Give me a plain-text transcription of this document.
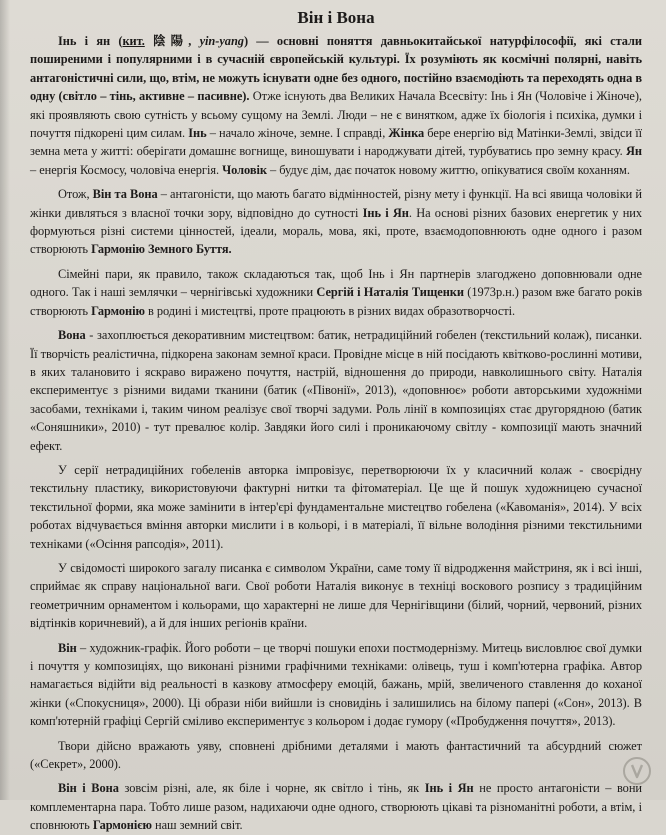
Він і Вона

Інь і ян (кит. 陰陽, yin-yang) — основні поняття давньокитайської натурфілософії, які стали поширеними і популярними і в сучасній європейській культурі. Їх розуміють як космічні полярні, навіть антагоністичні сили, що, втім, не можуть існувати одне без одного, постійно взаємодіють та переходять одна в одну (світло – тінь, активне – пасивне). Отже існують два Великих Начала Всесвіту: Інь і Ян (Чоловіче і Жіноче), які проявляють свою сутність у всьому сущому на Землі. Люди – не є винятком, адже їх біологія і психіка, думки і почуття підкорені цим силам. Інь – начало жіноче, земне. І справді, Жінка бере енергію від Матінки-Землі, звідси її земна мета у житті: оберігати домашнє вогнище, виношувати і народжувати дітей, турбуватись про земну красу. Ян – енергія Космосу, чоловіча енергія. Чоловік – будує дім, дає початок новому життю, опікуватися своїм коханням.

Отож, Він та Вона – антагоністи, що мають багато відмінностей, різну мету і функції. На всі явища чоловіки й жінки дивляться з власної точки зору, відповідно до сутності Інь і Ян. На основі різних базових енергетик у них формуються різні системи цінностей, ідеали, мораль, мова, які, проте, взаємодоповнюють одне одного і разом створюють Гармонію Земного Буття.

Сімейні пари, як правило, також складаються так, щоб Інь і Ян партнерів злагоджено доповнювали одне одного. Так і наші землячки – чернігівські художники Сергій і Наталія Тищенки (1973р.н.) разом вже багато років створюють Гармонію в родині і мистецтві, проте працюють в різних видах образотворчості.

Вона - захоплюється декоративним мистецтвом: батик, нетрадиційний гобелен (текстильний колаж), писанки. Її творчість реалістична, підкорена законам земної краси. Провідне місце в ній посідають квітково-рослинні мотиви, в яких талановито і яскраво виражено почуття, настрій, відношення до природи, навколишнього світу. Наталія експериментує з різними видами тканини (батик («Півонії», 2013), «доповнює» роботи авторськими художніми засобами, техніками і, таким чином реалізує свої творчі задуми. Роль лінії в композиціях стає другорядною (батик «Соняшники», 2010) - тут превалює колір. Завдяки його силі і проникаючому світлу - композиції мають значний ефект.

У серії нетрадиційних гобеленів авторка імпровізує, перетворюючи їх у класичний колаж - своєрідну текстильну пластику, використовуючи фактурні нитки та фітоматеріал. Це ще й пошук художницею сучасної текстильної форми, яка може замінити в інтер'єрі фундаментальне мистецтво гобелена («Кавоманія», 2014). У всіх роботах відчувається вміння авторки мислити і в кольорі, і в матеріалі, її вільне володіння різними текстильними техніками («Осіння рапсодія», 2011).

У свідомості широкого загалу писанка є символом України, саме тому її відродження майстриня, як і всі інші, сприймає як справу національної ваги. Свої роботи Наталія виконує в техніці воскового розпису з традиційним геометричним орнаментом і кольорами, що характерні не лише для Чернігівщини (білий, чорний, червоний, різних відтінків коричневий), а й для інших регіонів країни.

Він – художник-графік. Його роботи – це творчі пошуки епохи постмодернізму. Митець висловлює свої думки і почуття у композиціях, що виконані різними графічними техніками: олівець, туш і комп'ютерна графіка. Автор намагається відійти від реальності в казкову атмосферу емоцій, бажань, мрій, звеличеного ставлення до коханої жінки («Спокусниця», 2000). Ці образи ніби вийшли із сновидінь і залишились на білому папері («Сон», 2013). В комп'ютерній графіці Сергій сміливо експериментує з кольором і додає гумору («Пробудження почуття», 2013).

Твори дійсно вражають уяву, сповнені дрібними деталями і мають фантастичний та абсурдний сюжет («Секрет», 2000).

Він і Вона зовсім різні, але, як біле і чорне, як світло і тінь, як Інь і Ян не просто антагоністи – вони комплементарна пара. Тобто лише разом, надихаючи одне одного, створюють цікаві та різноманітні роботи, а втім, і сповнюють Гармонією наш земний світ.
